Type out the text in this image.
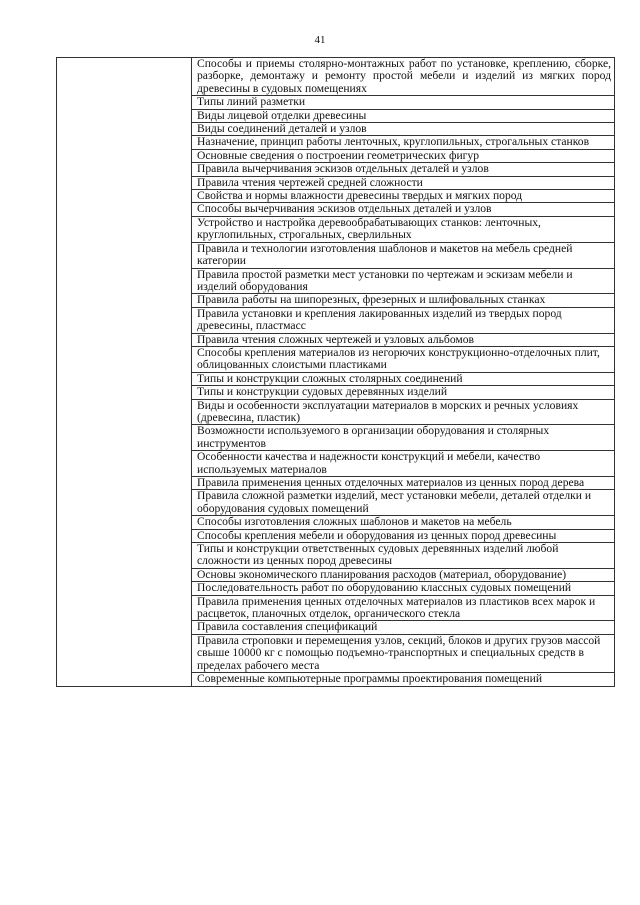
41
	Способы и приемы столярно-монтажных работ по установке, креплению, сборке, разборке, демонтажу и ремонту простой мебели и изделий из мягких пород древесины в судовых помещениях
Типы линий разметки
Виды лицевой отделки древесины
Виды соединений деталей и узлов
Назначение, принцип работы ленточных, круглопильных, строгальных станков
Основные сведения о построении геометрических фигур
Правила вычерчивания эскизов отдельных деталей и узлов
Правила чтения чертежей средней сложности
Свойства и нормы влажности древесины твердых и мягких пород
Способы вычерчивания эскизов отдельных деталей и узлов
Устройство и настройка деревообрабатывающих станков: ленточных, круглопильных, строгальных, сверлильных
Правила и технологии изготовления шаблонов и макетов на мебель средней категории
Правила простой разметки мест установки по чертежам и эскизам мебели и изделий оборудования
Правила работы на шипорезных, фрезерных и шлифовальных станках
Правила установки и крепления лакированных изделий из твердых пород древесины, пластмасс
Правила чтения сложных чертежей и узловых альбомов
Способы крепления материалов из негорючих конструкционно-отделочных плит, облицованных слоистыми пластиками
Типы и конструкции сложных столярных соединений
Типы и конструкции судовых деревянных изделий
Виды и особенности эксплуатации материалов в морских и речных условиях (древесина, пластик)
Возможности используемого в организации оборудования и столярных инструментов
Особенности качества и надежности конструкций и мебели, качество используемых материалов
Правила применения ценных отделочных материалов из ценных пород дерева
Правила сложной разметки изделий, мест установки мебели, деталей отделки и оборудования судовых помещений
Способы изготовления сложных шаблонов и макетов на мебель
Способы крепления мебели и оборудования из ценных пород древесины
Типы и конструкции ответственных судовых деревянных изделий любой сложности из ценных пород древесины
Основы экономического планирования расходов (материал, оборудование)
Последовательность работ по оборудованию классных судовых помещений
Правила применения ценных отделочных материалов из пластиков всех марок и расцветок, планочных отделок, органического стекла
Правила составления спецификаций
Правила строповки и перемещения узлов, секций, блоков и других грузов массой свыше 10000 кг с помощью подъемно-транспортных и специальных средств в пределах рабочего места
Современные компьютерные программы проектирования помещений
